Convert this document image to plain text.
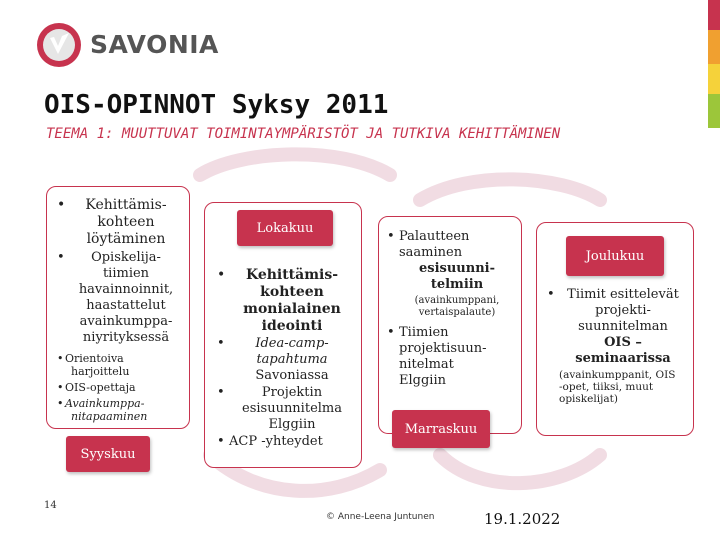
SAVONIA
OIS-OPINNOT Syksy 2011
TEEMA 1: MUUTTUVAT TOIMINTAYMPÄRISTÖT JA TUTKIVA KEHITTÄMINEN
•	Kehittämis-
kohteen
löytäminen
•	Opiskelija-
tiimien
havainnoinnit,
haastattelut
avainkumppa-
niyrityksessä
• Orientoiva
harjoittelu
• OIS-opettaja
• Avainkumppa-
nitapaaminen
Syyskuu
•	Kehittämis-
kohteen
monialainen
ideointi
•	Idea-camp-
tapahtuma
Savoniassa
•	Projektin
esisuunnitelma
Elggiin
• ACP -yhteydet
Lokakuu
• Palautteen
saaminen
esisuunni-
telmiin
(avainkumppani,
vertaispalaute)
• Tiimien
projektisuun-
nitelmat
Elggiin
Marraskuu
• Tiimit esittelevät
projekti-
suunnitelman
OIS –
seminaarissa
(avainkumppanit, OIS
-opet, tiiksi, muut
opiskelijat)
Joulukuu
14
© Anne-Leena Juntunen	19.1.2022
